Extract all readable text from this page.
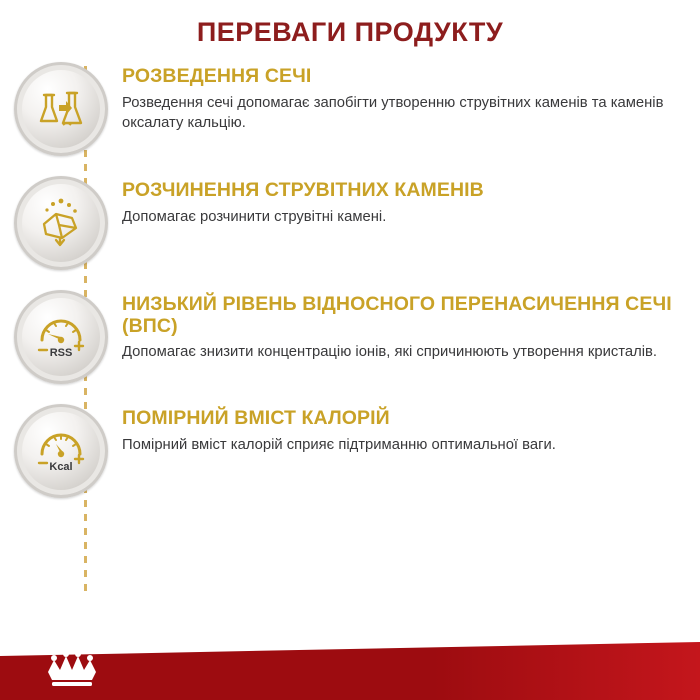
ПЕРЕВАГИ ПРОДУКТУ

РОЗВЕДЕННЯ СЕЧІ

Розведення сечі допомагає запобігти утворенню струвітних каменів та каменів оксалату кальцію.

РОЗЧИНЕННЯ СТРУВІТНИХ КАМЕНІВ

Допомагає розчинити струвітні камені.

RSS

НИЗЬКИЙ РІВЕНЬ ВІДНОСНОГО ПЕРЕНАСИЧЕННЯ СЕЧІ (ВПС)

Допомагає знизити концентрацію іонів, які спричинюють утворення кристалів.

Kcal

ПОМІРНИЙ ВМІСТ КАЛОРІЙ

Помірний вміст калорій сприяє підтриманню оптимальної ваги.
